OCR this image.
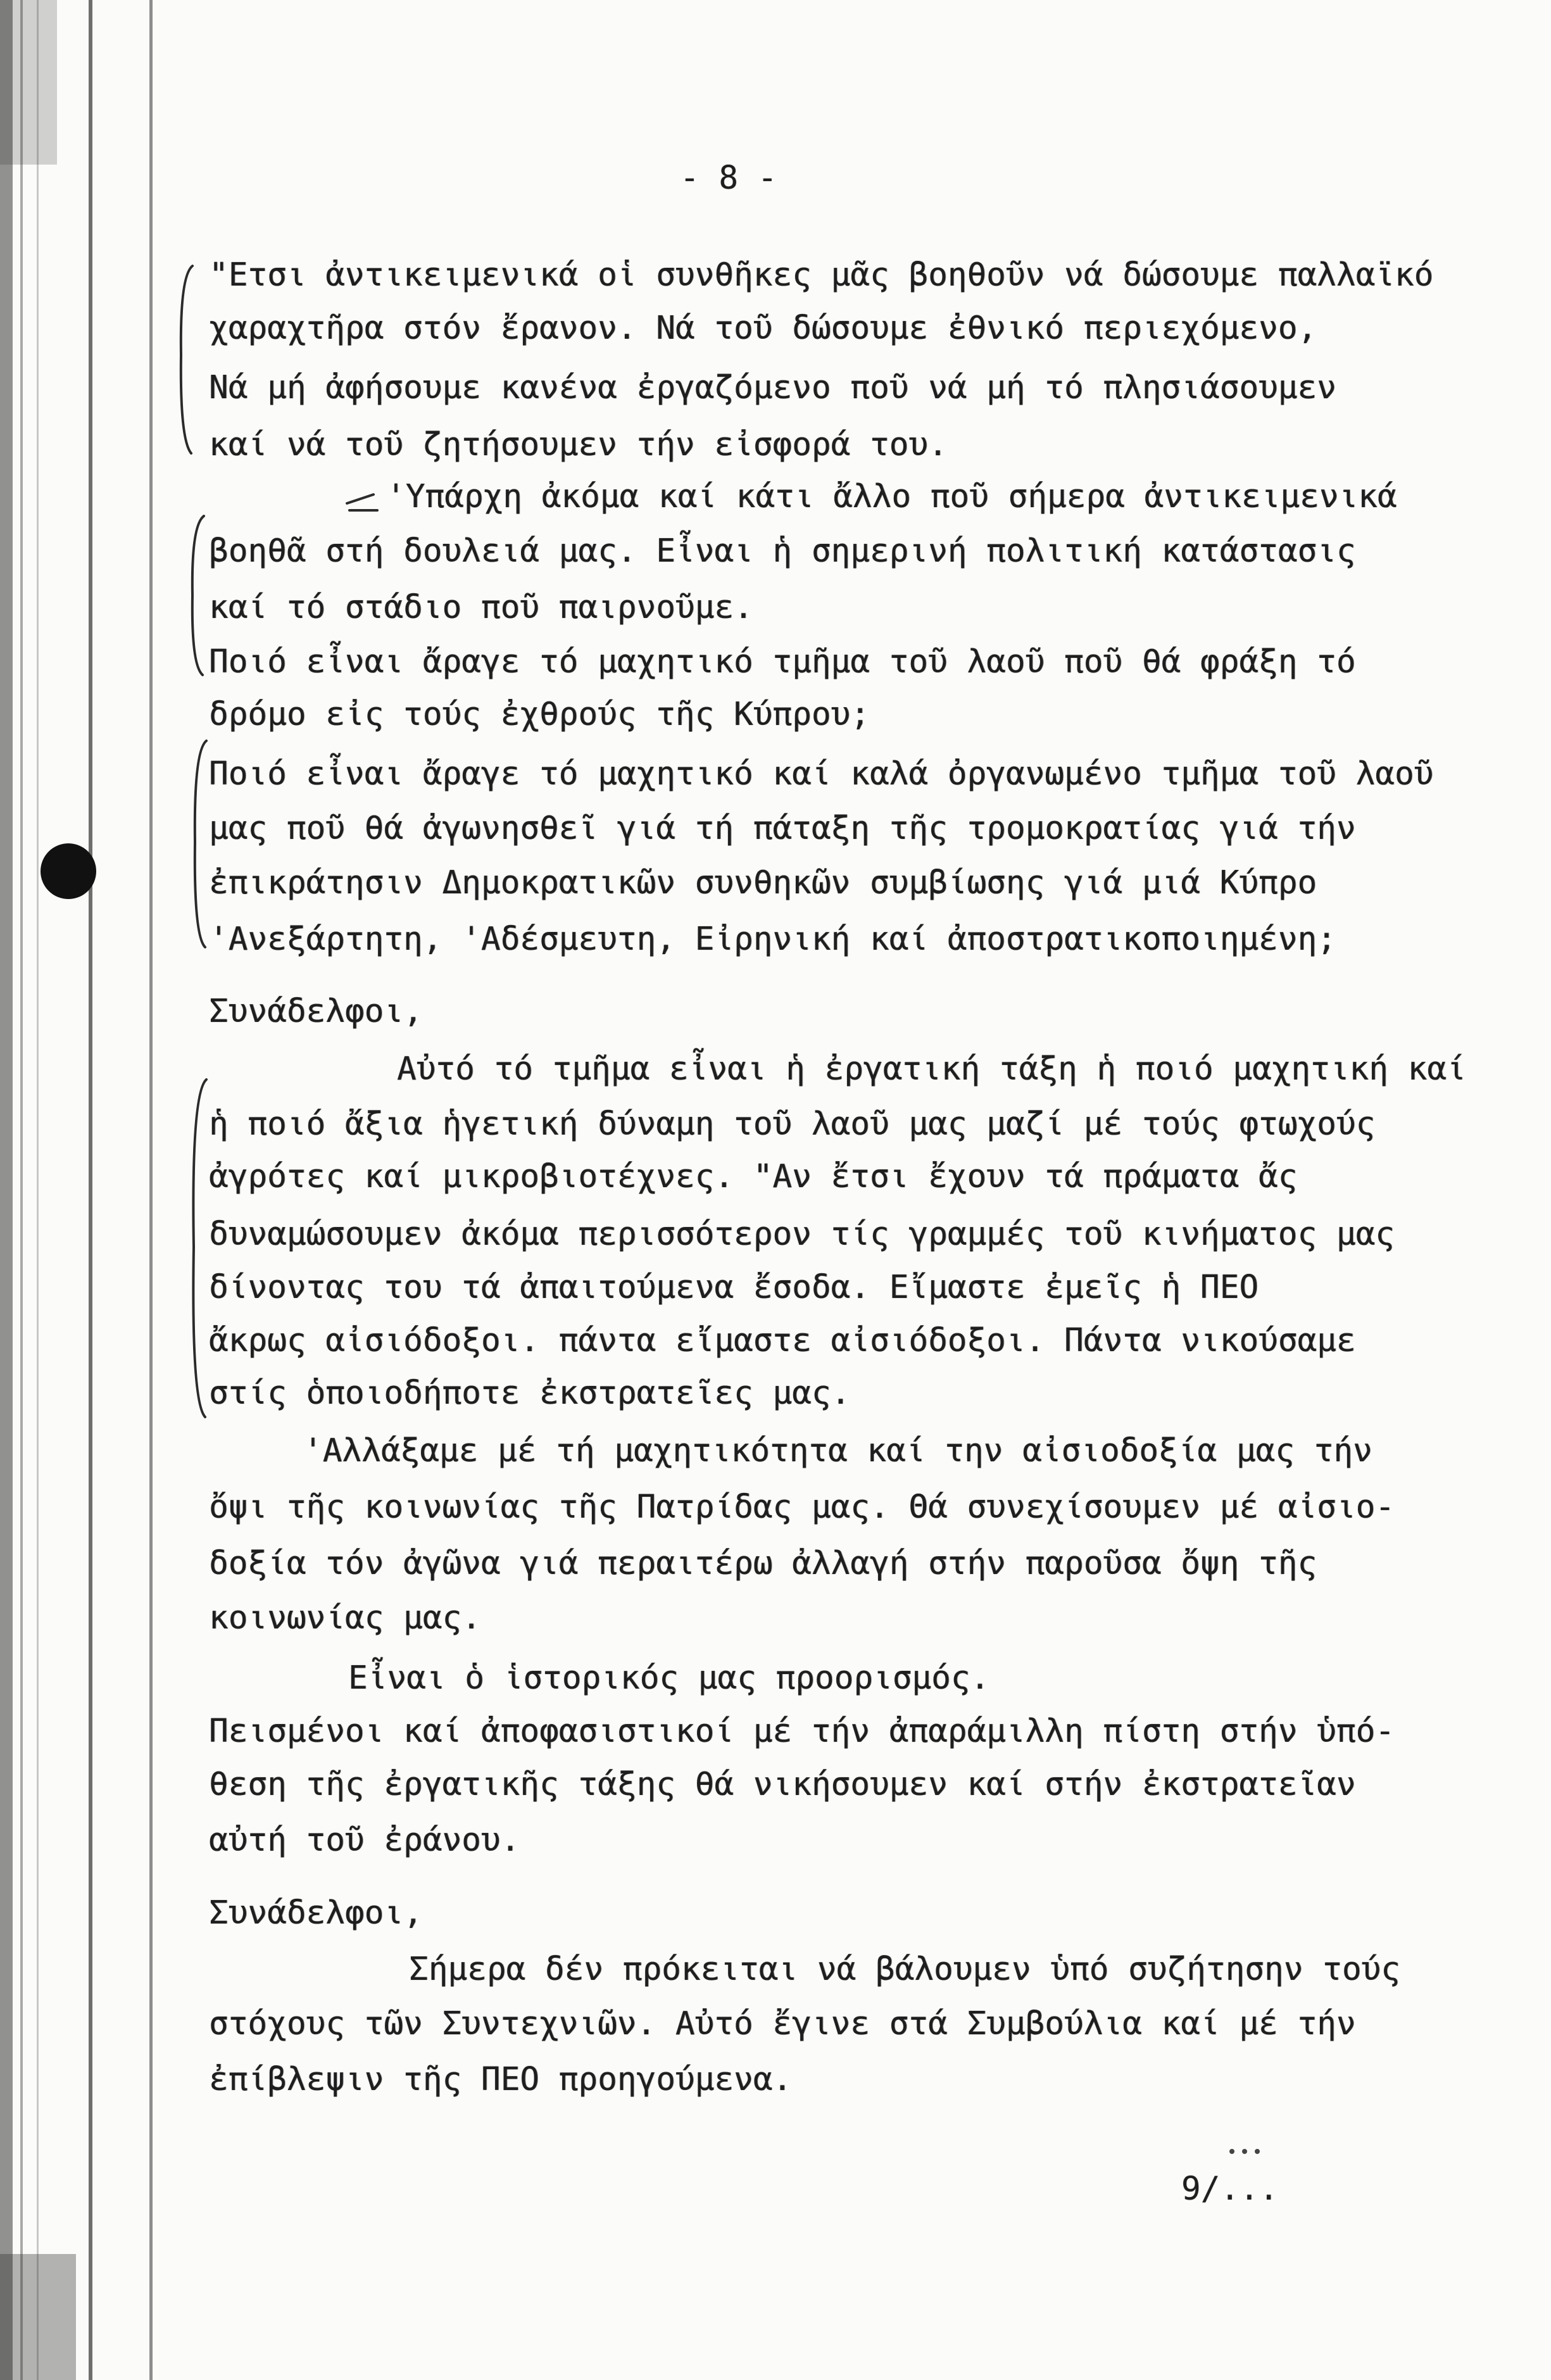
- 8 -
"Ετσι ἀντικειμενικά οἱ συνθῆκες μᾶς βοηθοῦν νά δώσουμε παλλαϊκό
χαραχτῆρα στόν ἔρανον. Νά τοῦ δώσουμε ἐθνικό περιεχόμενο,
Νά μή ἀφήσουμε κανένα ἐργαζόμενο ποῦ νά μή τό πλησιάσουμεν
καί νά τοῦ ζητήσουμεν τήν εἰσφορά του.
'Υπάρχη ἀκόμα καί κάτι ἄλλο ποῦ σήμερα ἀντικειμενικά
βοηθᾶ στή δουλειά μας. Εἶναι ἡ σημερινή πολιτική κατάστασις
καί τό στάδιο ποῦ παιρνοῦμε.
Ποιό εἶναι ἄραγε τό μαχητικό τμῆμα τοῦ λαοῦ ποῦ θά φράξη τό
δρόμο εἰς τούς ἐχθρούς τῆς Κύπρου;
Ποιό εἶναι ἄραγε τό μαχητικό καί καλά ὀργανωμένο τμῆμα τοῦ λαοῦ
μας ποῦ θά ἀγωνησθεῖ γιά τή πάταξη τῆς τρομοκρατίας γιά τήν
ἐπικράτησιν Δημοκρατικῶν συνθηκῶν συμβίωσης γιά μιά Κύπρο
'Ανεξάρτητη, 'Αδέσμευτη, Εἰρηνική καί ἀποστρατικοποιημένη;
Συνάδελφοι,
Αὐτό τό τμῆμα εἶναι ἡ ἐργατική τάξη ἡ ποιό μαχητική καί
ἡ ποιό ἄξια ἡγετική δύναμη τοῦ λαοῦ μας μαζί μέ τούς φτωχούς
ἀγρότες καί μικροβιοτέχνες. "Αν ἔτσι ἔχουν τά πράματα ἄς
δυναμώσουμεν ἀκόμα περισσότερον τίς γραμμές τοῦ κινήματος μας
δίνοντας του τά ἀπαιτούμενα ἔσοδα. Εἴμαστε ἐμεῖς ἡ ΠΕΟ
ἄκρως αἰσιόδοξοι. πάντα εἴμαστε αἰσιόδοξοι. Πάντα νικούσαμε
στίς ὁποιοδήποτε ἐκστρατεῖες μας.
'Αλλάξαμε μέ τή μαχητικότητα καί την αἰσιοδοξία μας τήν
ὄψι τῆς κοινωνίας τῆς Πατρίδας μας. Θά συνεχίσουμεν μέ αἰσιο-
δοξία τόν ἀγῶνα γιά περαιτέρω ἀλλαγή στήν παροῦσα ὄψη τῆς
κοινωνίας μας.
Εἶναι ὁ ἱστορικός μας προορισμός.
Πεισμένοι καί ἀποφασιστικοί μέ τήν ἀπαράμιλλη πίστη στήν ὑπό-
θεση τῆς ἐργατικῆς τάξης θά νικήσουμεν καί στήν ἐκστρατεῖαν
αὐτή τοῦ ἐράνου.
Συνάδελφοι,
Σήμερα δέν πρόκειται νά βάλουμεν ὑπό συζήτησην τούς
στόχους τῶν Συντεχνιῶν. Αὐτό ἔγινε στά Συμβούλια καί μέ τήν
ἐπίβλεψιν τῆς ΠΕΟ προηγούμενα.
9/...
